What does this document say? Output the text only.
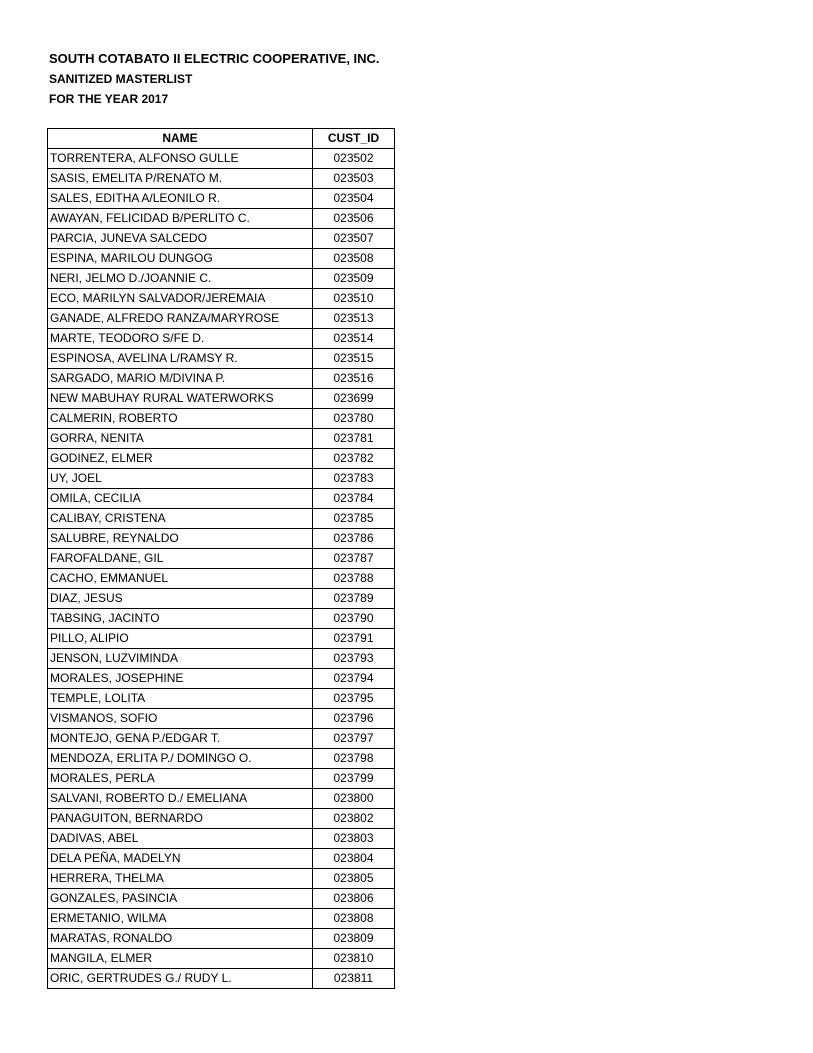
SOUTH COTABATO II ELECTRIC COOPERATIVE, INC.
SANITIZED MASTERLIST
FOR THE YEAR 2017
NAME	CUST_ID
TORRENTERA, ALFONSO GULLE	023502
SASIS, EMELITA P/RENATO M.	023503
SALES, EDITHA A/LEONILO R.	023504
AWAYAN, FELICIDAD B/PERLITO C.	023506
PARCIA, JUNEVA SALCEDO	023507
ESPINA, MARILOU DUNGOG	023508
NERI, JELMO D./JOANNIE C.	023509
ECO, MARILYN SALVADOR/JEREMAIA	023510
GANADE, ALFREDO RANZA/MARYROSE	023513
MARTE, TEODORO S/FE D.	023514
ESPINOSA, AVELINA L/RAMSY R.	023515
SARGADO, MARIO M/DIVINA P.	023516
NEW MABUHAY RURAL WATERWORKS	023699
CALMERIN, ROBERTO	023780
GORRA, NENITA	023781
GODINEZ, ELMER	023782
UY, JOEL	023783
OMILA, CECILIA	023784
CALIBAY, CRISTENA	023785
SALUBRE, REYNALDO	023786
FAROFALDANE, GIL	023787
CACHO, EMMANUEL	023788
DIAZ, JESUS	023789
TABSING, JACINTO	023790
PILLO, ALIPIO	023791
JENSON, LUZVIMINDA	023793
MORALES, JOSEPHINE	023794
TEMPLE, LOLITA	023795
VISMANOS, SOFIO	023796
MONTEJO, GENA P./EDGAR T.	023797
MENDOZA, ERLITA P./ DOMINGO O.	023798
MORALES, PERLA	023799
SALVANI, ROBERTO D./ EMELIANA	023800
PANAGUITON, BERNARDO	023802
DADIVAS, ABEL	023803
DELA PEÑA, MADELYN	023804
HERRERA, THELMA	023805
GONZALES, PASINCIA	023806
ERMETANIO, WILMA	023808
MARATAS, RONALDO	023809
MANGILA, ELMER	023810
ORIC, GERTRUDES G./ RUDY L.	023811
